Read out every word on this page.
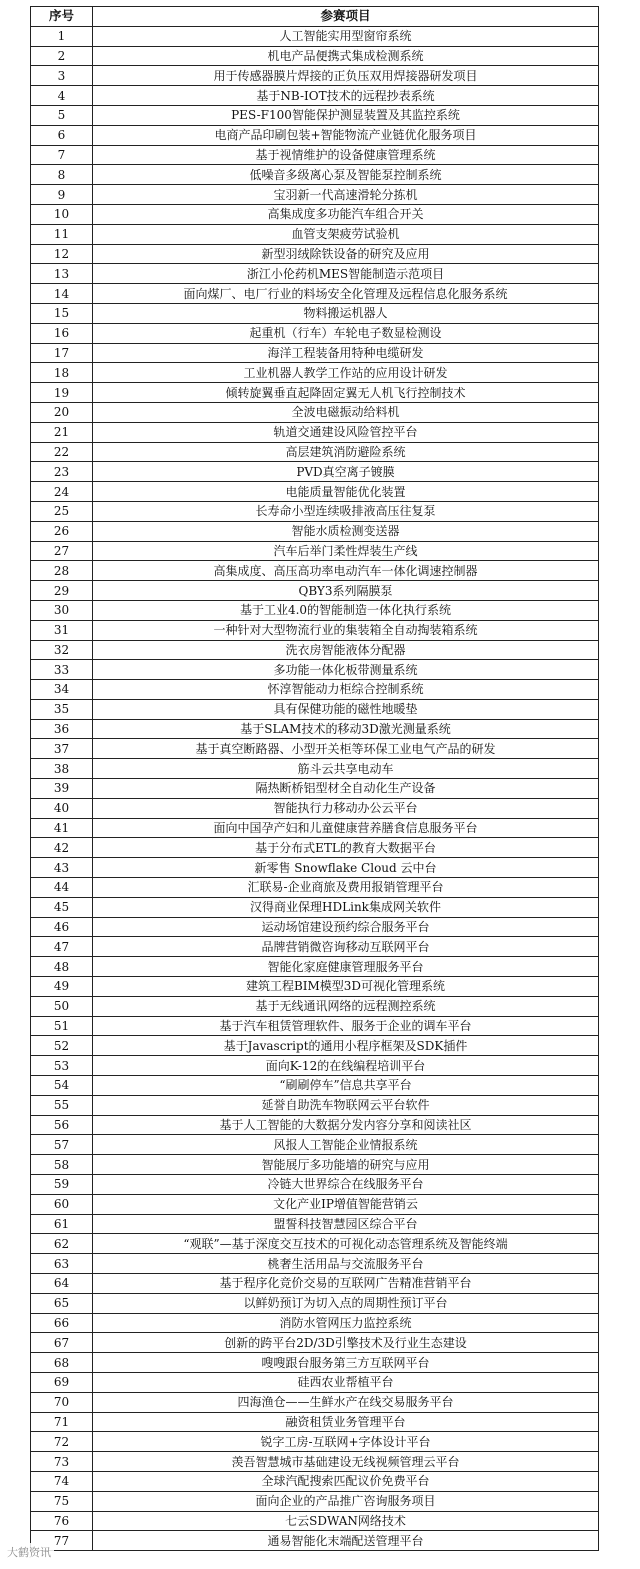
序号	参赛项目
1	人工智能实用型窗帘系统
2	机电产品便携式集成检测系统
3	用于传感器膜片焊接的正负压双用焊接器研发项目
4	基于NB-IOT技术的远程抄表系统
5	PES-F100智能保护测显装置及其监控系统
6	电商产品印刷包装+智能物流产业链优化服务项目
7	基于视情维护的设备健康管理系统
8	低噪音多级离心泵及智能泵控制系统
9	宝羽新一代高速滑轮分拣机
10	高集成度多功能汽车组合开关
11	血管支架疲劳试验机
12	新型羽绒除铁设备的研究及应用
13	浙江小伦药机MES智能制造示范项目
14	面向煤厂、电厂行业的料场安全化管理及远程信息化服务系统
15	物料搬运机器人
16	起重机（行车）车轮电子数显检测设
17	海洋工程装备用特种电缆研发
18	工业机器人教学工作站的应用设计研发
19	倾转旋翼垂直起降固定翼无人机飞行控制技术
20	全波电磁振动给料机
21	轨道交通建设风险管控平台
22	高层建筑消防避险系统
23	PVD真空离子镀膜
24	电能质量智能优化装置
25	长寿命小型连续吸排液高压往复泵
26	智能水质检测变送器
27	汽车后举门柔性焊装生产线
28	高集成度、高压高功率电动汽车一体化调速控制器
29	QBY3系列隔膜泵
30	基于工业4.0的智能制造一体化执行系统
31	一种针对大型物流行业的集装箱全自动掏装箱系统
32	洗衣房智能液体分配器
33	多功能一体化板带测量系统
34	怀淳智能动力柜综合控制系统
35	具有保健功能的磁性地暖垫
36	基于SLAM技术的移动3D激光测量系统
37	基于真空断路器、小型开关柜等环保工业电气产品的研发
38	筋斗云共享电动车
39	隔热断桥铝型材全自动化生产设备
40	智能执行力移动办公云平台
41	面向中国孕产妇和儿童健康营养膳食信息服务平台
42	基于分布式ETL的教育大数据平台
43	新零售 Snowflake Cloud 云中台
44	汇联易-企业商旅及费用报销管理平台
45	汉得商业保理HDLink集成网关软件
46	运动场馆建设预约综合服务平台
47	品牌营销微咨询移动互联网平台
48	智能化家庭健康管理服务平台
49	建筑工程BIM模型3D可视化管理系统
50	基于无线通讯网络的远程测控系统
51	基于汽车租赁管理软件、服务于企业的调车平台
52	基于Javascript的通用小程序框架及SDK插件
53	面向K-12的在线编程培训平台
54	“刷刷停车”信息共享平台
55	延誉自助洗车物联网云平台软件
56	基于人工智能的大数据分发内容分享和阅读社区
57	风报人工智能企业情报系统
58	智能展厅多功能墙的研究与应用
59	冷链大世界综合在线服务平台
60	文化产业IP增值智能营销云
61	盟誓科技智慧园区综合平台
62	“观联”—基于深度交互技术的可视化动态管理系统及智能终端
63	桃奢生活用品与交流服务平台
64	基于程序化竞价交易的互联网广告精准营销平台
65	以鲜奶预订为切入点的周期性预订平台
66	消防水管网压力监控系统
67	创新的跨平台2D/3D引擎技术及行业生态建设
68	嗖嗖跟台服务第三方互联网平台
69	硅西农业帮植平台
70	四海渔仓——生鲜水产在线交易服务平台
71	融资租赁业务管理平台
72	锐字工房-互联网+字体设计平台
73	羡吾智慧城市基础建设无线视频管理云平台
74	全球汽配搜索匹配议价免费平台
75	面向企业的产品推广咨询服务项目
76	七云SDWAN网络技术
77	通易智能化末端配送管理平台
大鹤资讯
